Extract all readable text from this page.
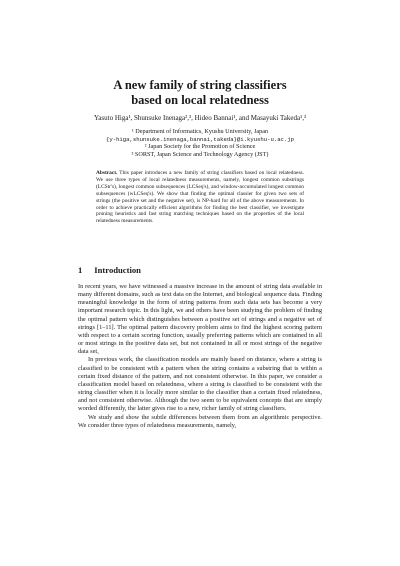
A new family of string classifiers
based on local relatedness
Yasuto Higa¹, Shunsuke Inenaga²,³, Hideo Bannai¹, and Masayuki Takeda¹,³
¹ Department of Informatics, Kyushu University, Japan
{y-higa,shunsuke.inenaga,bannai,takeda}@i.kyushu-u.ac.jp
² Japan Society for the Promotion of Science
³ SORST, Japan Science and Technology Agency (JST)
Abstract. This paper introduces a new family of string classifiers based on local relatedness. We use three types of local relatedness measurements, namely, longest common substrings (LCStr's), longest common subsequences (LCSeq's), and window-accumulated longest common subsequences (wLCSeq's). We show that finding the optimal classier for given two sets of strings (the positive set and the negative set), is NP-hard for all of the above measurements. In order to achieve practically efficient algorithms for finding the best classifier, we investigate pruning heuristics and fast string matching techniques based on the properties of the local relatedness measurements.
1 Introduction

In recent years, we have witnessed a massive increase in the amount of string data available in many different domains, such as text data on the Internet, and biological sequence data. Finding meaningful knowledge in the form of string patterns from such data sets has become a very important research topic. In this light, we and others have been studying the problem of finding the optimal pattern which distinguishes between a positive set of strings and a negative set of strings [1–11]. The optimal pattern discovery problem aims to find the highest scoring pattern with respect to a certain scoring function, usually preferring patterns which are contained in all or most strings in the positive data set, but not contained in all or most strings of the negative data set,

In previous work, the classification models are mainly based on distance, where a string is classified to be consistent with a pattern when the string contains a substring that is within a certain fixed distance of the pattern, and not consistent otherwise. In this paper, we consider a classification model based on relatedness, where a string is classified to be consistent with the string classifier when it is locally more similar to the classifier than a certain fixed relatedness, and not consistent otherwise. Although the two seem to be equivalent concepts that are simply worded differently, the latter gives rise to a new, richer family of string classifiers.

We study and show the subtle differences between them from an algorithmic perspective. We consider three types of relatedness measurements, namely,
